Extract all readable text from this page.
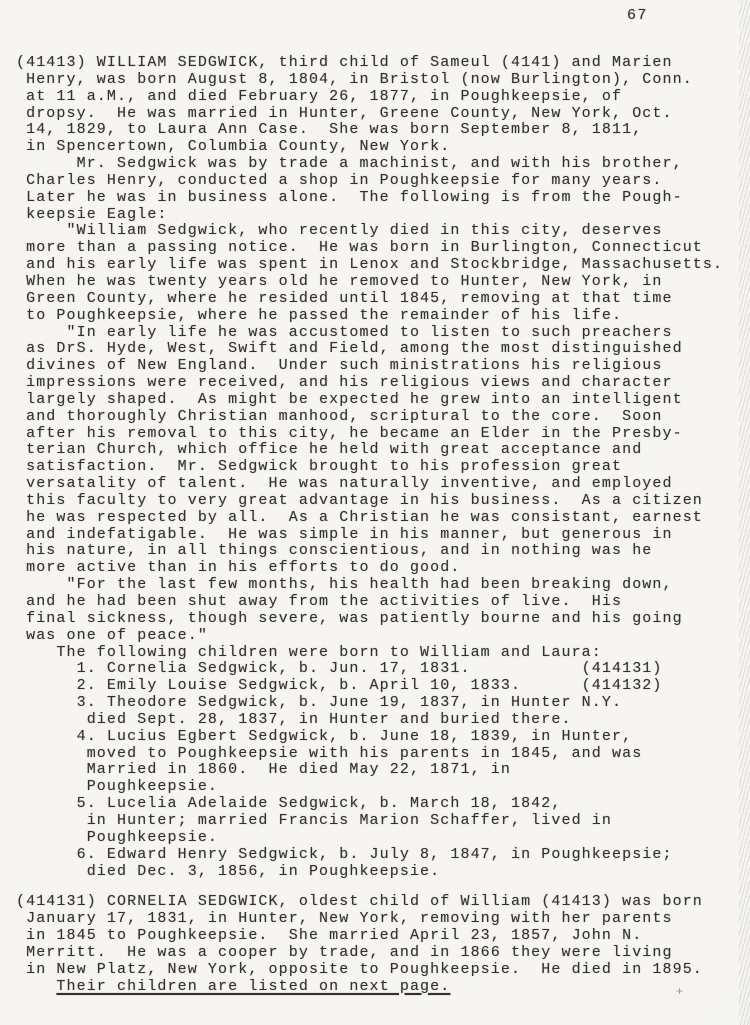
67
(41413) WILLIAM SEDGWICK, third child of Sameul (4141) and Marien
Henry, was born August 8, 1804, in Bristol (now Burlington), Conn.
at 11 a.M., and died February 26, 1877, in Poughkeepsie, of
dropsy.  He was married in Hunter, Greene County, New York, Oct.
14, 1829, to Laura Ann Case.  She was born September 8, 1811,
in Spencertown, Columbia County, New York.
Mr. Sedgwick was by trade a machinist, and with his brother,
Charles Henry, conducted a shop in Poughkeepsie for many years.
Later he was in business alone.  The following is from the Pough-
keepsie Eagle:
"William Sedgwick, who recently died in this city, deserves
more than a passing notice.  He was born in Burlington, Connecticut
and his early life was spent in Lenox and Stockbridge, Massachusetts.
When he was twenty years old he removed to Hunter, New York, in
Green County, where he resided until 1845, removing at that time
to Poughkeepsie, where he passed the remainder of his life.
"In early life he was accustomed to listen to such preachers
as DrS. Hyde, West, Swift and Field, among the most distinguished
divines of New England.  Under such ministrations his religious
impressions were received, and his religious views and character
largely shaped.  As might be expected he grew into an intelligent
and thoroughly Christian manhood, scriptural to the core.  Soon
after his removal to this city, he became an Elder in the Presby-
terian Church, which office he held with great acceptance and
satisfaction.  Mr. Sedgwick brought to his profession great
versatality of talent.  He was naturally inventive, and employed
this faculty to very great advantage in his business.  As a citizen
he was respected by all.  As a Christian he was consistant, earnest
and indefatigable.  He was simple in his manner, but generous in
his nature, in all things conscientious, and in nothing was he
more active than in his efforts to do good.
"For the last few months, his health had been breaking down,
and he had been shut away from the activities of live.  His
final sickness, though severe, was patiently bourne and his going
was one of peace."
The following children were born to William and Laura:
1. Cornelia Sedgwick, b. Jun. 17, 1831.           (414131)
2. Emily Louise Sedgwick, b. April 10, 1833.      (414132)
3. Theodore Sedgwick, b. June 19, 1837, in Hunter N.Y.
died Sept. 28, 1837, in Hunter and buried there.
4. Lucius Egbert Sedgwick, b. June 18, 1839, in Hunter,
moved to Poughkeepsie with his parents in 1845, and was
Married in 1860.  He died May 22, 1871, in
Poughkeepsie.
5. Lucelia Adelaide Sedgwick, b. March 18, 1842,
in Hunter; married Francis Marion Schaffer, lived in
Poughkeepsie.
6. Edward Henry Sedgwick, b. July 8, 1847, in Poughkeepsie;
died Dec. 3, 1856, in Poughkeepsie.
(414131) CORNELIA SEDGWICK, oldest child of William (41413) was born
January 17, 1831, in Hunter, New York, removing with her parents
in 1845 to Poughkeepsie.  She married April 23, 1857, John N.
Merritt.  He was a cooper by trade, and in 1866 they were living
in New Platz, New York, opposite to Poughkeepsie.  He died in 1895.
Their children are listed on next page.	+
